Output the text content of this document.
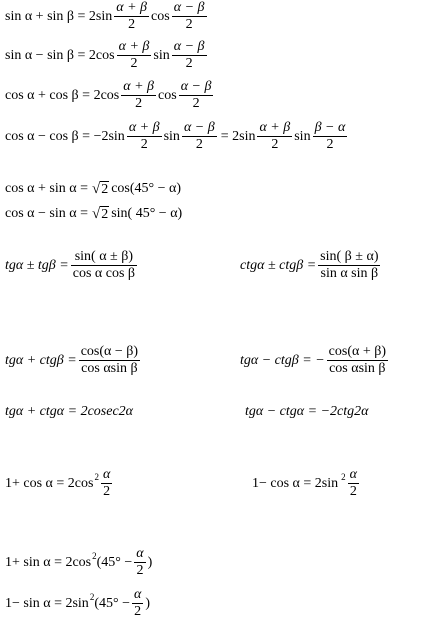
$\sin \alpha + \sin \beta = 2\sin \frac{\alpha + \beta}{2}$ $\cos \frac{\alpha - \beta}{2}$
$\sin \alpha - \sin \beta = 2\cos \frac{\alpha + \beta}{2}$ $\sin \frac{\alpha - \beta}{2}$
$\cos \alpha + \cos \beta = 2\cos \frac{\alpha + \beta}{2}$ $\cos \frac{\alpha - \beta}{2}$
$\cos \alpha - \cos \beta = -2\sin \frac{\alpha + \beta}{2}$ $\sin \frac{\alpha - \beta}{2} = 2\sin \frac{\alpha + \beta}{2}$ $\sin \frac{\beta - \alpha}{2}$
cos α + sin α = √ 2 cos(45° − α)
cos α − sin α = √ 2 sin( 45° − α)
$tg\alpha \pm tg\beta = \frac{\sin( \alpha \pm \beta)}{\text{cos α cos β}}$	$ctg\alpha \pm ctg\beta = \frac{\sin( \beta \pm \alpha)}{\text{sin α sin β}}$
$tg\alpha + ctg\beta = \frac{\cos(\alpha - \beta)}{\text{cos αsin β}}$	tgα − ctgβ = − $\frac{\cos(\alpha + \beta)}{\text{cos αsin β}}$
tgα + ctgα = 2cosec2α	tgα − ctgα = −2ctg2α
1+ cos α = 2cos $2 \frac{\alpha}{2}$	1− cos α = 2sin $2 \frac{\alpha}{2}$
1+ sin α = 2cos 2 ($45^\circ - \frac{\alpha}{2}$ )
1− sin α = 2sin 2 ($45^\circ - \frac{\alpha}{2}$ )
